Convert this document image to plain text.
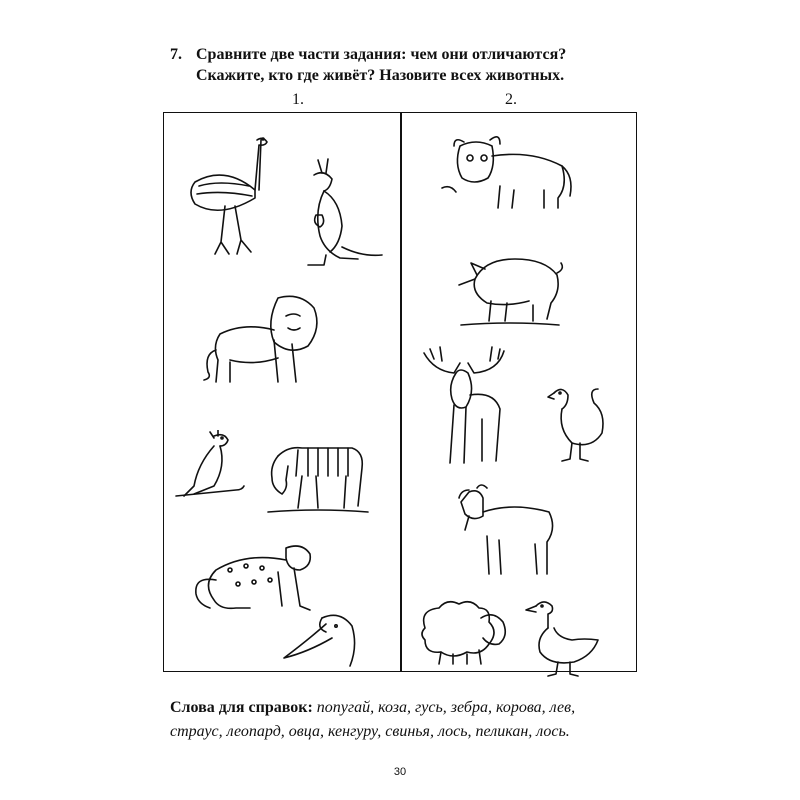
7. Сравните две части задания: чем они отличаются?
Скажите, кто где живёт? Назовите всех животных.
1.	2.
Слова для справок: попугай, коза, гусь, зебра, корова, лев,
страус, леопард, овца, кенгуру, свинья, лось, пеликан, лось.
30
